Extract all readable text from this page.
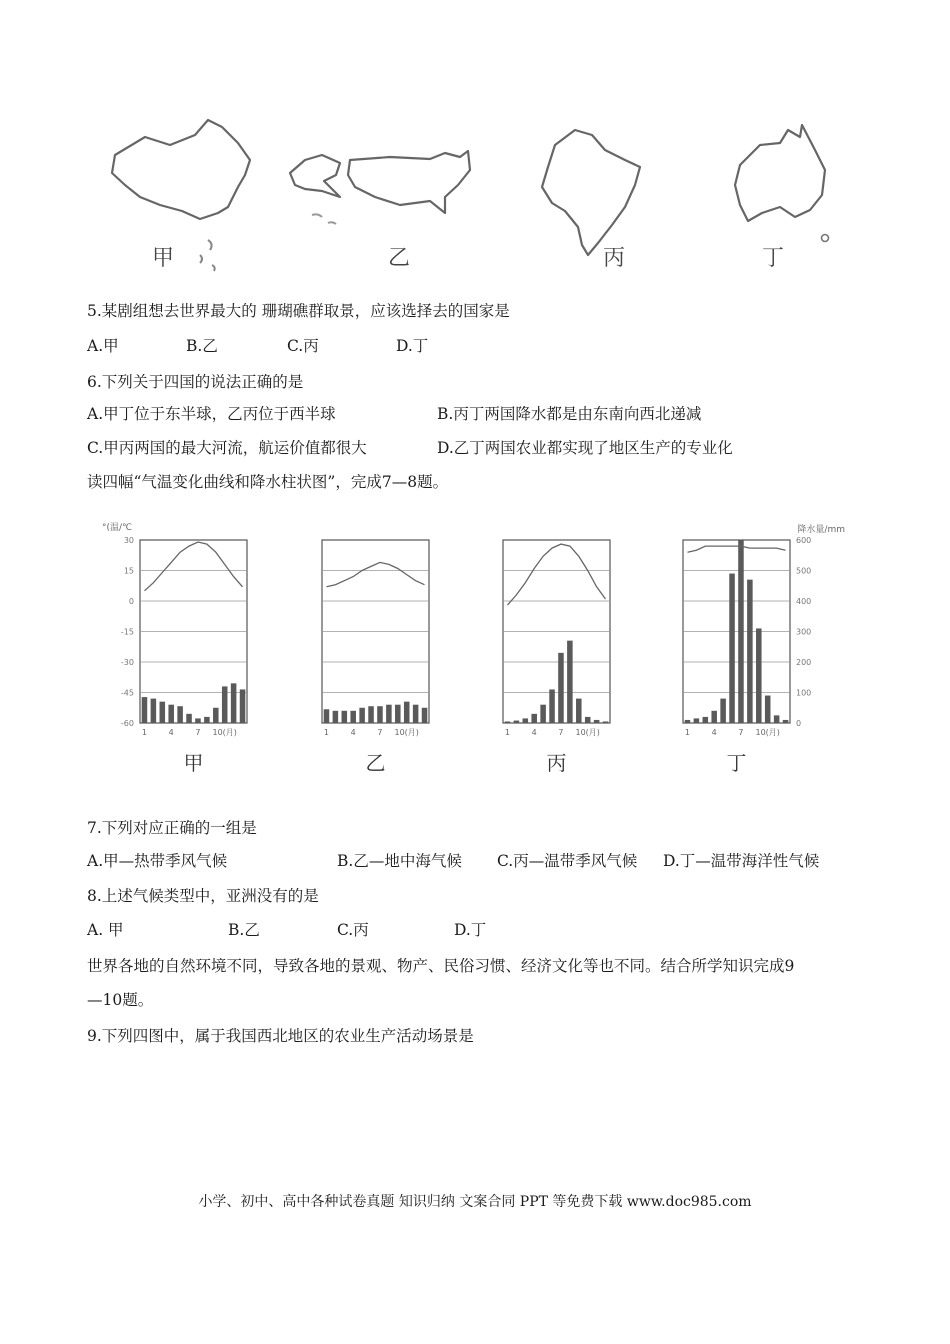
甲	乙	丙	丁
5.某剧组想去世界最大的 珊瑚礁群取景，应该选择去的国家是
A.甲	B.乙	C.丙	D.丁
6.下列关于四国的说法正确的是
A.甲丁位于东半球，乙丙位于西半球	B.丙丁两国降水都是由东南向西北递减
C.甲丙两国的最大河流，航运价值都很大	D.乙丁两国农业都实现了地区生产的专业化
读四幅“气温变化曲线和降水柱状图”，完成7—8题。
°(温/℃	降水量/mm
30
15
0
-15
-30
-45
-60
600
500
400
300
200
100
0
1	4	7 10(月)
甲
1	4	7 10(月)
乙
1	4	7 10(月)
丙
1	4	7 10(月)
丁
7.下列对应正确的一组是
A.甲—热带季风气候	B.乙—地中海气候 C.丙—温带季风气候 D.丁—温带海洋性气候
8.上述气候类型中，亚洲没有的是
A. 甲	B.乙	C.丙	D.丁
世界各地的自然环境不同，导致各地的景观、物产、民俗习惯、经济文化等也不同。结合所学知识完成9
—10题。
9.下列四图中，属于我国西北地区的农业生产活动场景是
小学、初中、高中各种试卷真题 知识归纳 文案合同 PPT 等免费下载 www.doc985.com
